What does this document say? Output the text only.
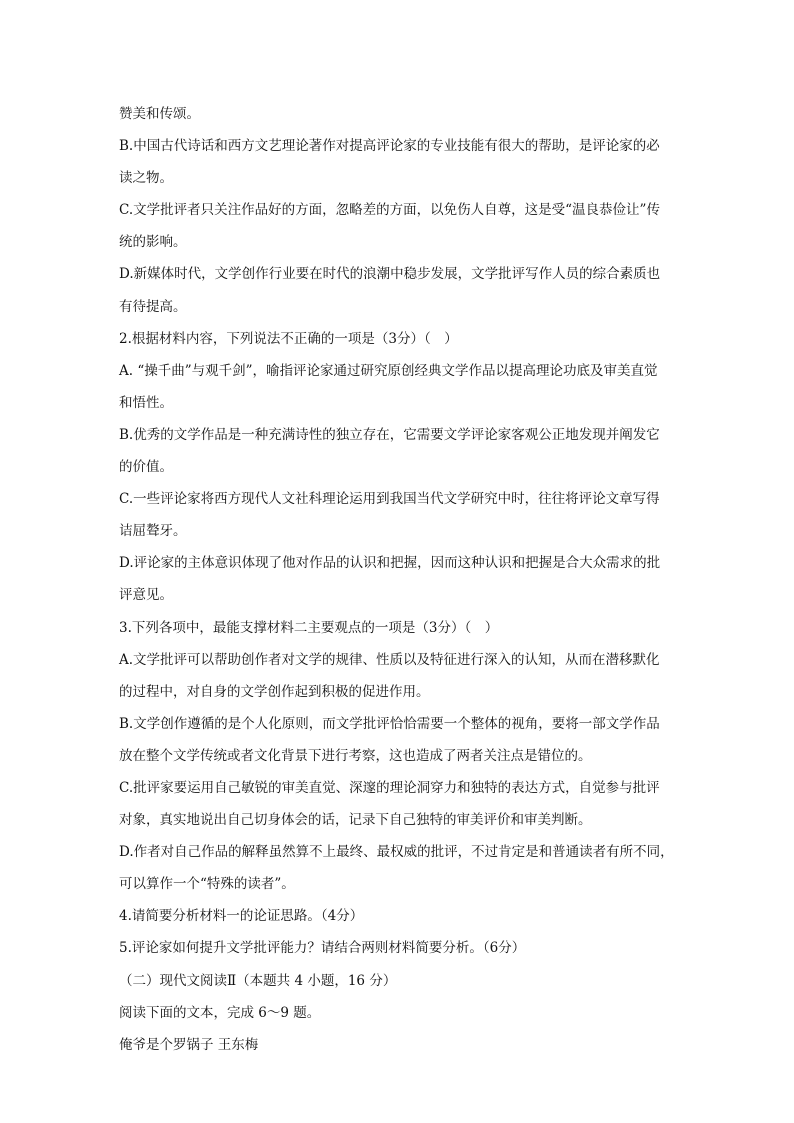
赞美和传颂。
B.中国古代诗话和西方文艺理论著作对提高评论家的专业技能有很大的帮助，是评论家的必
读之物。
C.文学批评者只关注作品好的方面，忽略差的方面，以免伤人自尊，这是受“温良恭俭让”传
统的影响。
D.新媒体时代，文学创作行业要在时代的浪潮中稳步发展，文学批评写作人员的综合素质也
有待提高。
2.根据材料内容，下列说法不正确的一项是（3分）（　）
A. “操千曲”与观千剑”，喻指评论家通过研究原创经典文学作品以提高理论功底及审美直觉
和悟性。
B.优秀的文学作品是一种充满诗性的独立存在，它需要文学评论家客观公正地发现并阐发它
的价值。
C.一些评论家将西方现代人文社科理论运用到我国当代文学研究中时，往往将评论文章写得
诘屈聱牙。
D.评论家的主体意识体现了他对作品的认识和把握，因而这种认识和把握是合大众需求的批
评意见。
3.下列各项中，最能支撑材料二主要观点的一项是（3分）（　）
A.文学批评可以帮助创作者对文学的规律、性质以及特征进行深入的认知，从而在潜移默化
的过程中，对自身的文学创作起到积极的促进作用。
B.文学创作遵循的是个人化原则，而文学批评恰恰需要一个整体的视角，要将一部文学作品
放在整个文学传统或者文化背景下进行考察，这也造成了两者关注点是错位的。
C.批评家要运用自己敏锐的审美直觉、深邃的理论洞穿力和独特的表达方式，自觉参与批评
对象，真实地说出自己切身体会的话，记录下自己独特的审美评价和审美判断。
D.作者对自己作品的解释虽然算不上最终、最权威的批评，不过肯定是和普通读者有所不同，
可以算作一个“特殊的读者”。
4.请简要分析材料一的论证思路。（4分）
5.评论家如何提升文学批评能力？请结合两则材料简要分析。（6分）
（二）现代文阅读Ⅱ（本题共 4 小题，16 分）
阅读下面的文本，完成 6～9 题。
俺爷是个罗锅子 王东梅
